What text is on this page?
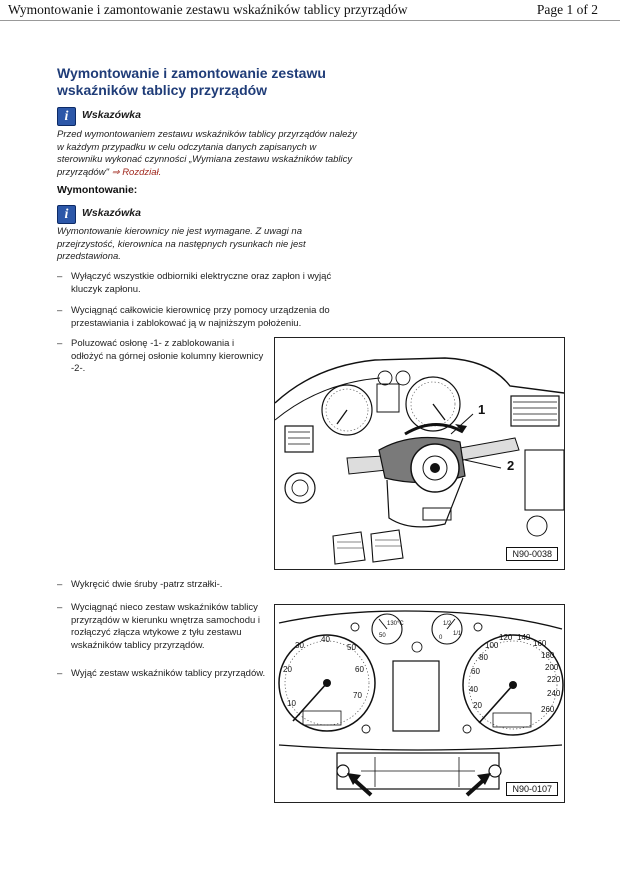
Wymontowanie i zamontowanie zestawu wskaźników tablicy przyrządów	Page 1 of 2
Wymontowanie i zamontowanie zestawu wskaźników tablicy przyrządów
i	Wskazówka
Przed wymontowaniem zestawu wskaźników tablicy przyrządów należy w każdym przypadku w celu odczytania danych zapisanych w sterowniku wykonać czynności „Wymiana zestawu wskaźników tablicy przyrządów" ⇒ Rozdział.
Wymontowanie:
i	Wskazówka
Wymontowanie kierownicy nie jest wymagane. Z uwagi na przejrzystość, kierownica na następnych rysunkach nie jest przedstawiona.
– Wyłączyć wszystkie odbiorniki elektryczne oraz zapłon i wyjąć kluczyk zapłonu.
– Wyciągnąć całkowicie kierownicę przy pomocy urządzenia do przestawiania i zablokować ją w najniższym położeniu.
– Poluzować osłonę -1- z zablokowania i odłożyć na górnej osłonie kolumny kierownicy -2-.
– Wykręcić dwie śruby -patrz strzałki-.
– Wyciągnąć nieco zestaw wskaźników tablicy przyrządów w kierunku wnętrza samochodu i rozłączyć złącza wtykowe z tyłu zestawu wskaźników tablicy przyrządów.
– Wyjąć zestaw wskaźników tablicy przyrządów.
1
2
N90-0038
10
20
30
40
50
60
70
20
40
60
80
100
120 140
160
180
200
220
240
260
50
130°C
0
1/2
1/1
N90-0107
